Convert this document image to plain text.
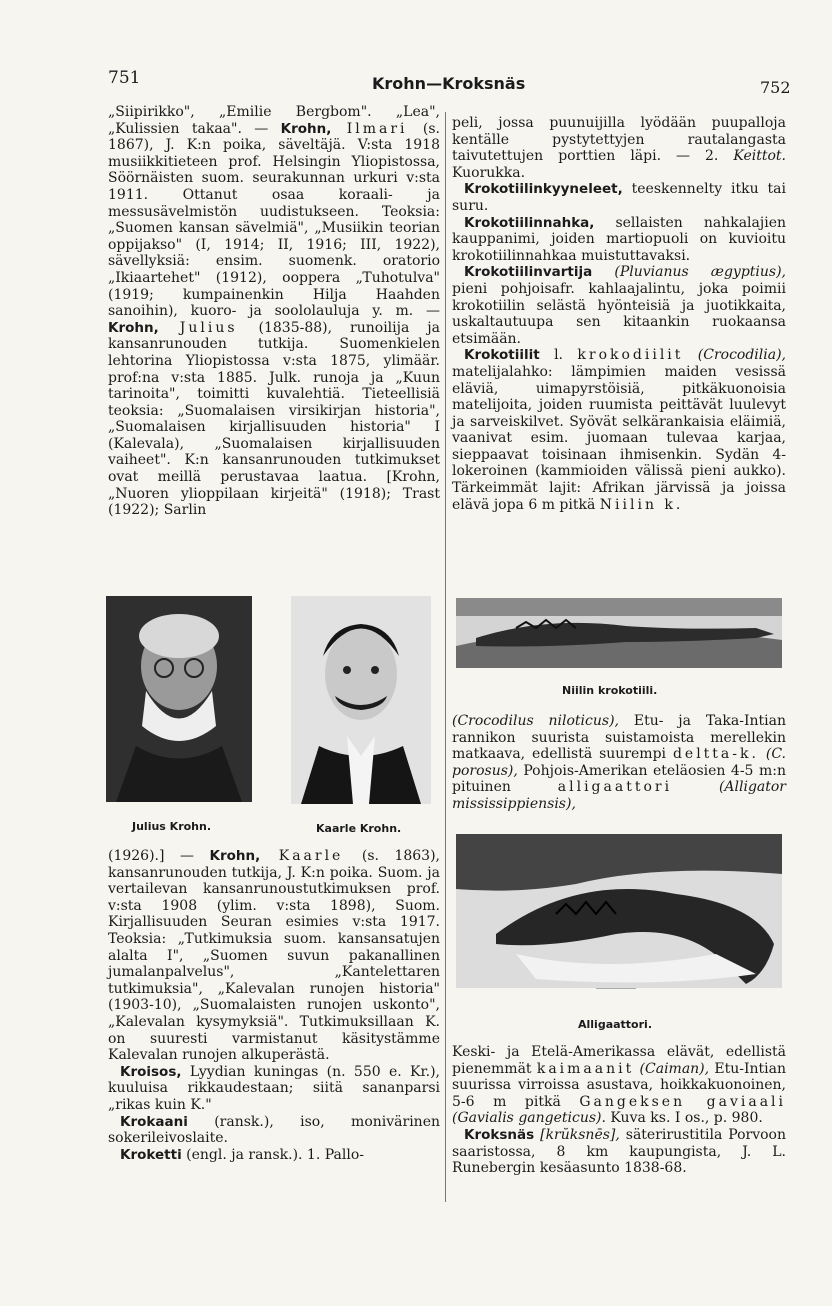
751	Krohn—Kroksnäs	752

„Siipirikko", „Emilie Bergbom". „Lea", „Kulissien takaa". — Krohn, Ilmari (s. 1867), J. K:n poika, säveltäjä. V:sta 1918 musiikkitieteen prof. Helsingin Yliopistossa, Söörnäisten suom. seurakunnan urkuri v:sta 1911. Ottanut osaa koraali- ja messusävelmistön uudistukseen. Teoksia: „Suomen kansan sävelmiä", „Musiikin teorian oppijakso" (I, 1914; II, 1916; III, 1922), sävellyksiä: ensim. suomenk. oratorio „Ikiaartehet" (1912), ooppera „Tuhotulva" (1919; kumpainenkin Hilja Haahden sanoihin), kuoro- ja soololauluja y. m. — Krohn, Julius (1835-88), runoilija ja kansanrunouden tutkija. Suomenkielen lehtorina Yliopistossa v:sta 1875, ylimäär. prof:na v:sta 1885. Julk. runoja ja „Kuun tarinoita", toimitti kuvalehtiä. Tieteellisiä teoksia: „Suomalaisen virsikirjan historia", „Suomalaisen kirjallisuuden historia" I (Kalevala), „Suomalaisen kirjallisuuden vaiheet". K:n kansanrunouden tutkimukset ovat meillä perustavaa laatua. [Krohn, „Nuoren ylioppilaan kirjeitä" (1918); Trast (1922); Sarlin

Julius Krohn.	Kaarle Krohn.

(1926).] — Krohn, Kaarle (s. 1863), kansanrunouden tutkija, J. K:n poika. Suom. ja vertailevan kansanrunoustutkimuksen prof. v:sta 1908 (ylim. v:sta 1898), Suom. Kirjallisuuden Seuran esimies v:sta 1917. Teoksia: „Tutkimuksia suom. kansansatujen alalta I", „Suomen suvun pakanallinen jumalanpalvelus", „Kantelettaren tutkimuksia", „Kalevalan runojen historia"(1903-10), „Suomalaisten runojen uskonto", „Kalevalan kysymyksiä". Tutkimuksillaan K. on suuresti varmistanut käsitystämme Kalevalan runojen alkuperästä.

Kroisos, Lyydian kuningas (n. 550 e. Kr.), kuuluisa rikkaudestaan; siitä sananparsi „rikas kuin K."

Krokaani (ransk.), iso, monivärinen sokerileivoslaite.

Kroketti (engl. ja ransk.). 1. Pallo-

peli, jossa puunuijilla lyödään puupalloja kentälle pystytettyjen rautalangasta taivutettujen porttien läpi. — 2. Keittot. Kuorukka.

Krokotiilinkyyneleet, teeskennelty itku tai suru.

Krokotiilinnahka, sellaisten nahkalajien kauppanimi, joiden martiopuoli on kuvioitu krokotiilinnahkaa muistuttavaksi.

Krokotiilinvartija (Pluvianus ægyptius), pieni pohjoisafr. kahlaajalintu, joka poimii krokotiilin selästä hyönteisiä ja juotikkaita, uskaltautuupa sen kitaankin ruokaansa etsimään.

Krokotiilit l. krokodiilit (Crocodilia), matelijalahko: lämpimien maiden vesissä eläviä, uimapyrstöisiä, pitkäkuonoisia matelijoita, joiden ruumista peittävät luulevyt ja sarveiskilvet. Syövät selkärankaisia eläimiä, vaanivat esim. juomaan tulevaa karjaa, sieppaavat toisinaan ihmisenkin. Sydän 4-lokeroinen (kammioiden välissä pieni aukko). Tärkeimmät lajit: Afrikan järvissä ja joissa elävä jopa 6 m pitkä Niilin k.

Niilin krokotiili.

(Crocodilus niloticus), Etu- ja Taka-Intian rannikon suurista suistamoista merellekin matkaava, edellistä suurempi deltta-k. (C. porosus), Pohjois-Amerikan eteläosien 4-5 m:n pituinen alligaattori (Alligator mississippiensis),

Alligaattori.

Keski- ja Etelä-Amerikassa elävät, edellistä pienemmät kaimaanit (Caiman), Etu-Intian suurissa virroissa asustava, hoikkakuonoinen, 5-6 m pitkä Gangeksen gaviaali (Gavialis gangeticus). Kuva ks. I os., p. 980.

Kroksnäs [krŭksnēs], säterirustitila Porvoon saaristossa, 8 km kaupungista, J. L. Runebergin kesäasunto 1838-68.
